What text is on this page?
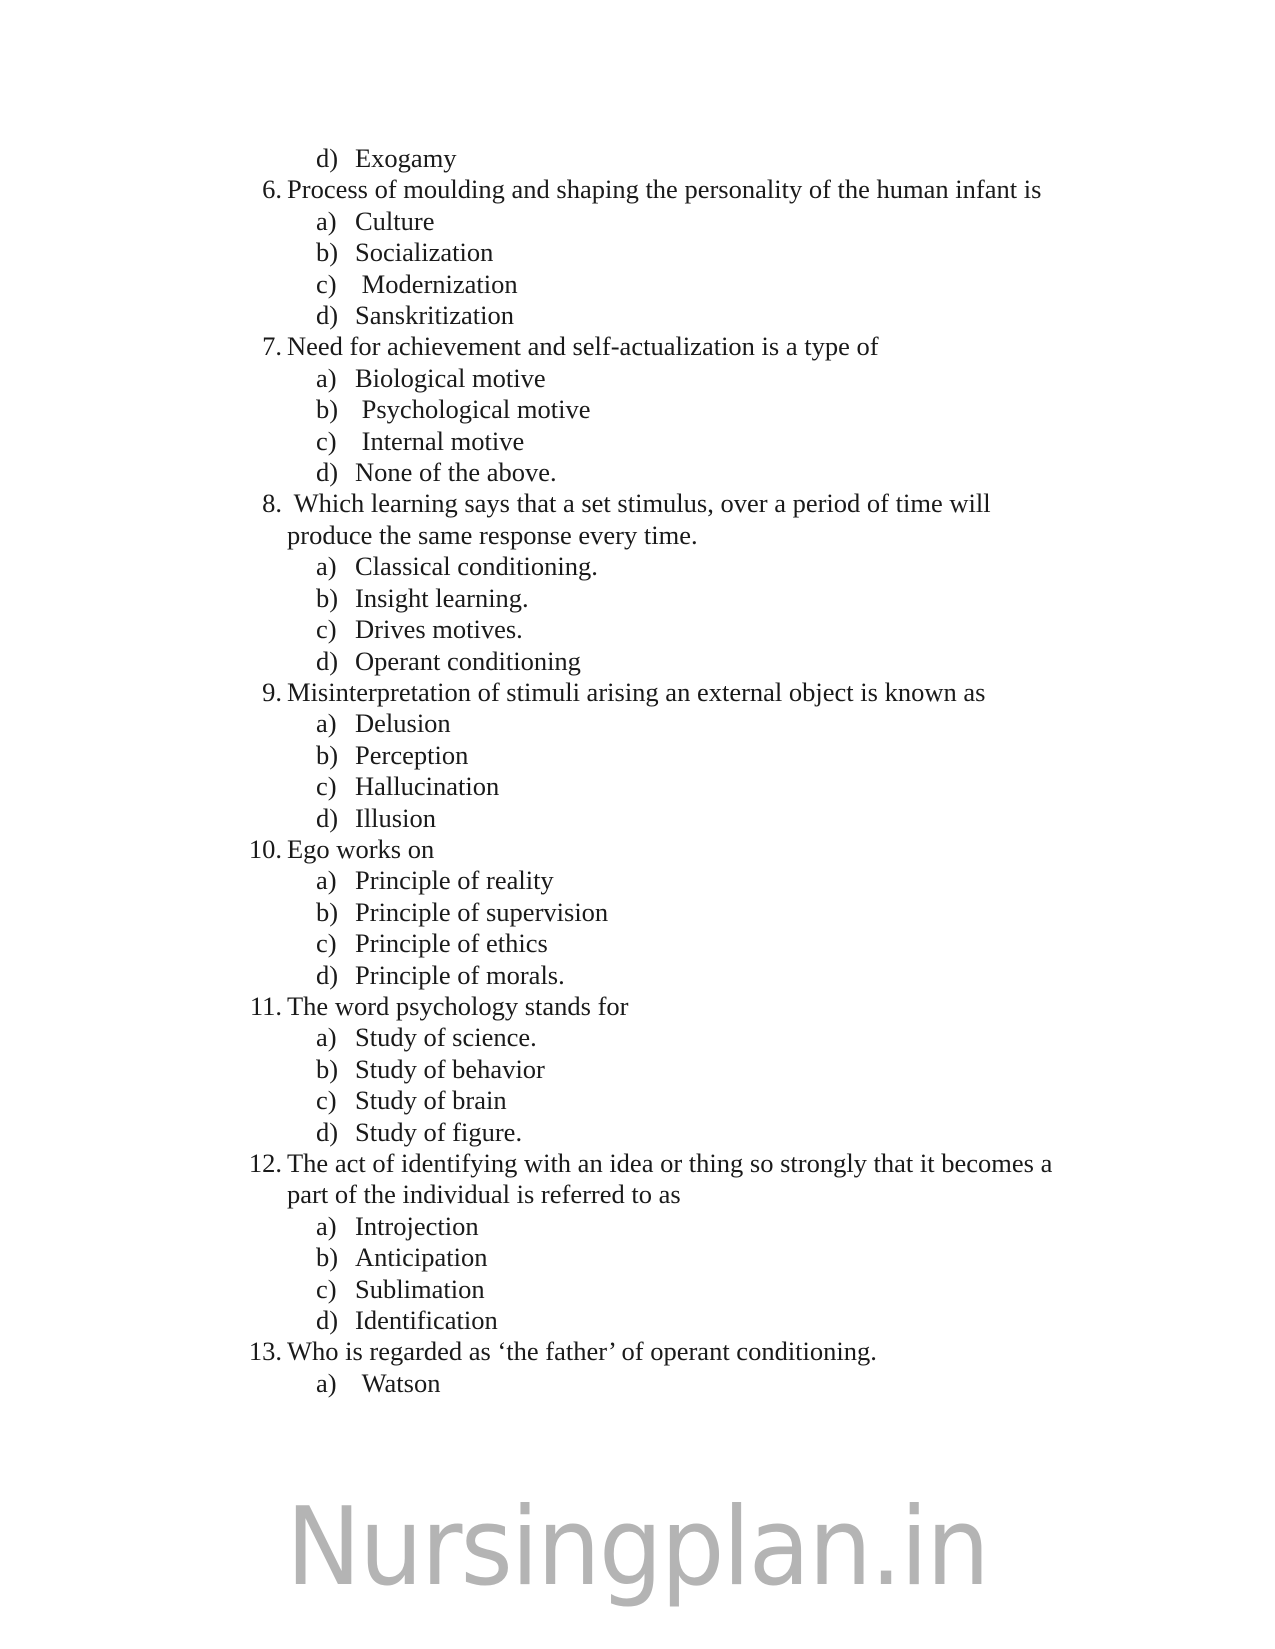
d) Exogamy
6. Process of moulding and shaping the personality of the human infant is
a) Culture
b) Socialization
c) Modernization
d) Sanskritization
7. Need for achievement and self-actualization is a type of
a) Biological motive
b) Psychological motive
c) Internal motive
d) None of the above.
8. Which learning says that a set stimulus, over a period of time will produce the same response every time.
a) Classical conditioning.
b) Insight learning.
c) Drives motives.
d) Operant conditioning
9. Misinterpretation of stimuli arising an external object is known as
a) Delusion
b) Perception
c) Hallucination
d) Illusion
10. Ego works on
a) Principle of reality
b) Principle of supervision
c) Principle of ethics
d) Principle of morals.
11. The word psychology stands for
a) Study of science.
b) Study of behavior
c) Study of brain
d) Study of figure.
12. The act of identifying with an idea or thing so strongly that it becomes a part of the individual is referred to as
a) Introjection
b) Anticipation
c) Sublimation
d) Identification
13. Who is regarded as ‘the father’ of operant conditioning.
a) Watson
Nursingplan.in
